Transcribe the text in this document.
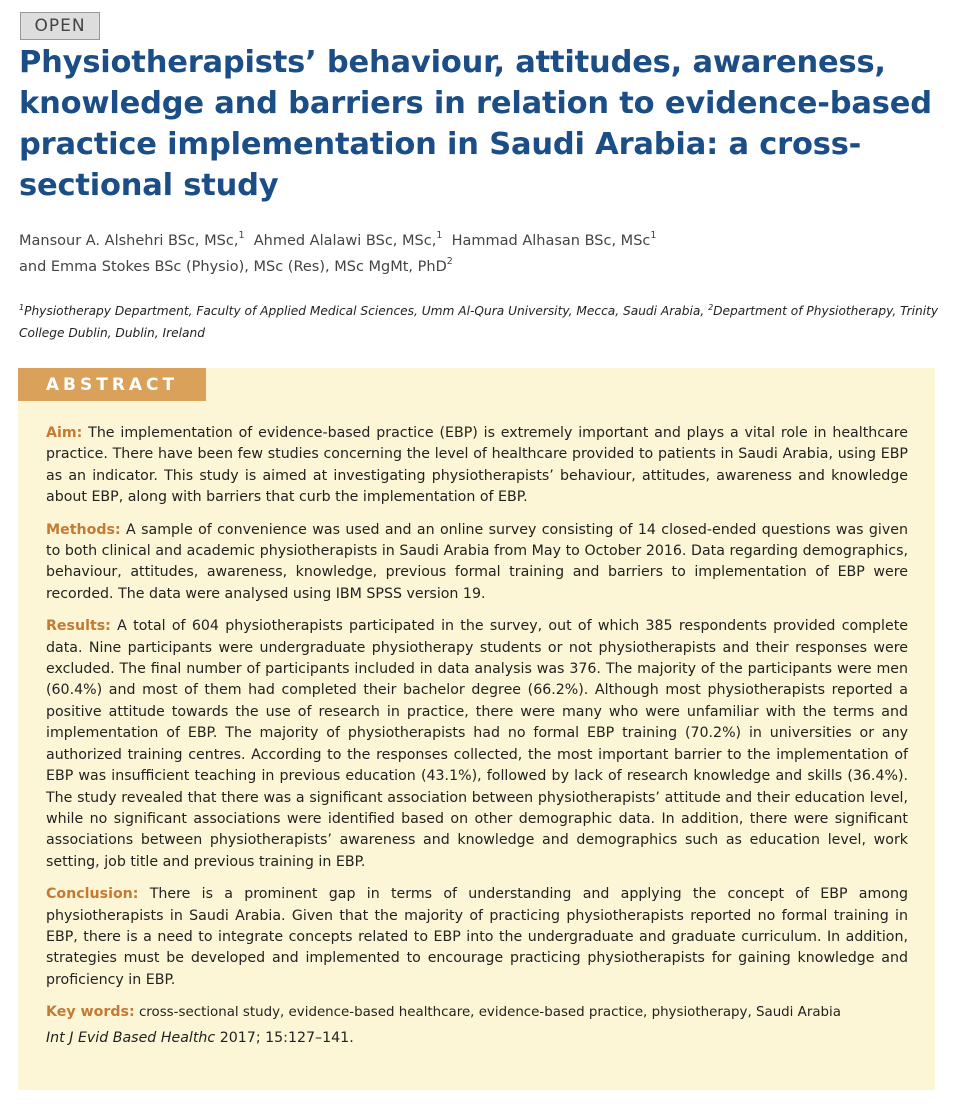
OPEN
Physiotherapists’ behaviour, attitudes, awareness, knowledge and barriers in relation to evidence-based practice implementation in Saudi Arabia: a cross-sectional study

Mansour A. Alshehri BSc, MSc,$^1$ Ahmed Alalawi BSc, MSc,$^1$ Hammad Alhasan BSc, MSc$^1$
and Emma Stokes BSc (Physio), MSc (Res), MSc MgMt, PhD$^2$

$^1$Physiotherapy Department, Faculty of Applied Medical Sciences, Umm Al-Qura University, Mecca, Saudi Arabia, $^2$Department of Physiotherapy, Trinity College Dublin, Dublin, Ireland

ABSTRACT

Aim: The implementation of evidence-based practice (EBP) is extremely important and plays a vital role in healthcare practice. There have been few studies concerning the level of healthcare provided to patients in Saudi Arabia, using EBP as an indicator. This study is aimed at investigating physiotherapists’ behaviour, attitudes, awareness and knowledge about EBP, along with barriers that curb the implementation of EBP.

Methods: A sample of convenience was used and an online survey consisting of 14 closed-ended questions was given to both clinical and academic physiotherapists in Saudi Arabia from May to October 2016. Data regarding demographics, behaviour, attitudes, awareness, knowledge, previous formal training and barriers to implementation of EBP were recorded. The data were analysed using IBM SPSS version 19.

Results: A total of 604 physiotherapists participated in the survey, out of which 385 respondents provided complete data. Nine participants were undergraduate physiotherapy students or not physiotherapists and their responses were excluded. The final number of participants included in data analysis was 376. The majority of the participants were men (60.4%) and most of them had completed their bachelor degree (66.2%). Although most physiotherapists reported a positive attitude towards the use of research in practice, there were many who were unfamiliar with the terms and implementation of EBP. The majority of physiotherapists had no formal EBP training (70.2%) in universities or any authorized training centres. According to the responses collected, the most important barrier to the implementation of EBP was insufficient teaching in previous education (43.1%), followed by lack of research knowledge and skills (36.4%). The study revealed that there was a significant association between physiotherapists’ attitude and their education level, while no significant associations were identified based on other demographic data. In addition, there were significant associations between physiotherapists’ awareness and knowledge and demographics such as education level, work setting, job title and previous training in EBP.

Conclusion: There is a prominent gap in terms of understanding and applying the concept of EBP among physiotherapists in Saudi Arabia. Given that the majority of practicing physiotherapists reported no formal training in EBP, there is a need to integrate concepts related to EBP into the undergraduate and graduate curriculum. In addition, strategies must be developed and implemented to encourage practicing physiotherapists for gaining knowledge and proficiency in EBP.

Key words: cross-sectional study, evidence-based healthcare, evidence-based practice, physiotherapy, Saudi Arabia

Int J Evid Based Healthc 2017; 15:127–141.
